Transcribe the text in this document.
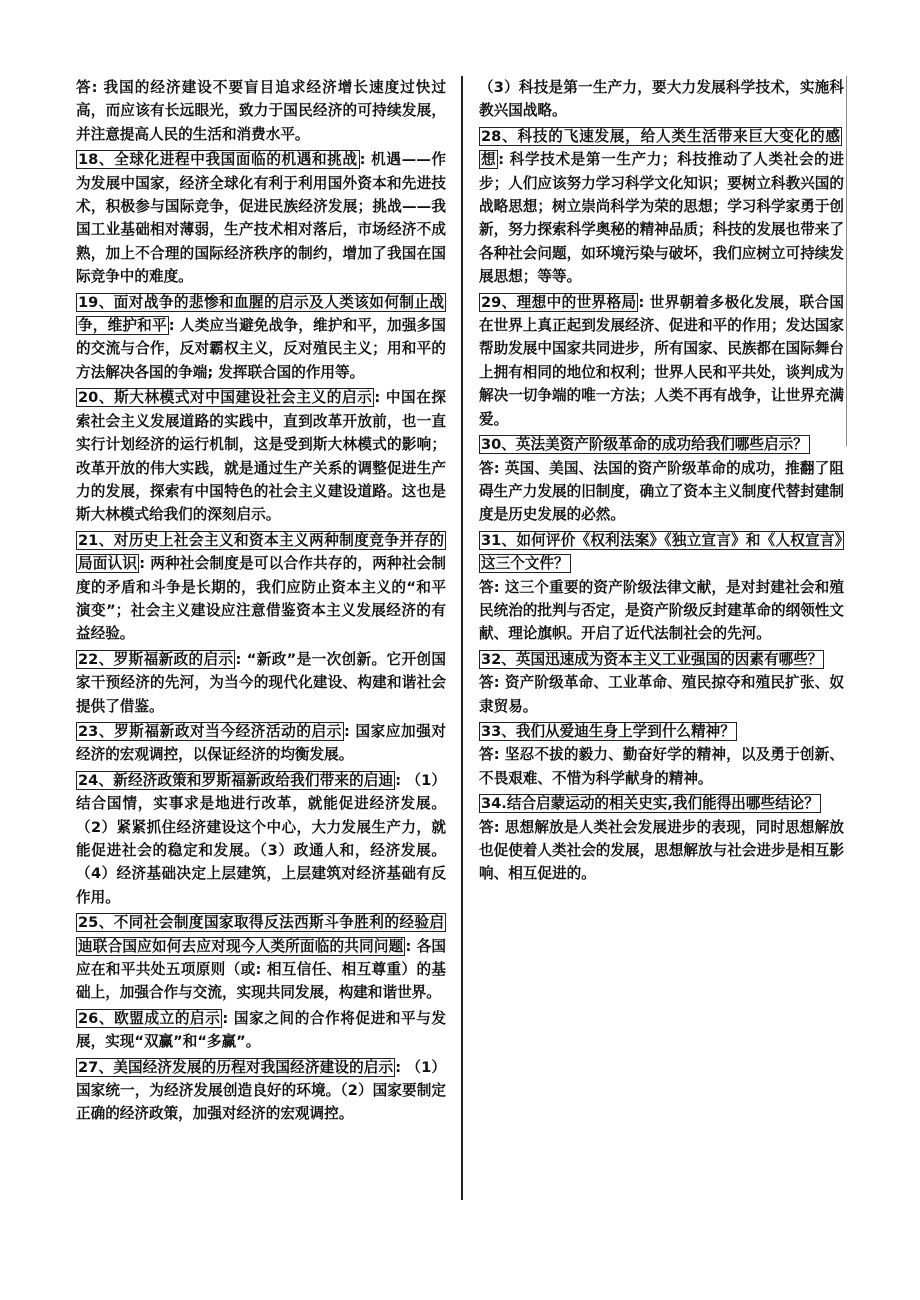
答: 我国的经济建设不要盲目追求经济增长速度过快过高，而应该有长远眼光，致力于国民经济的可持续发展，并注意提高人民的生活和消费水平。
18、全球化进程中我国面临的机遇和挑战 : 机遇——作为发展中国家，经济全球化有利于利用国外资本和先进技术，积极参与国际竞争，促进民族经济发展；挑战——我国工业基础相对薄弱，生产技术相对落后，市场经济不成熟，加上不合理的国际经济秩序的制约，增加了我国在国际竞争中的难度。
19、面对战争的悲惨和血腥的启示及人类该如何制止战争，维护和平 : 人类应当避免战争，维护和平，加强多国的交流与合作，反对霸权主义，反对殖民主义；用和平的方法解决各国的争端; 发挥联合国的作用等。
20、斯大林模式对中国建设社会主义的启示 : 中国在探索社会主义发展道路的实践中，直到改革开放前，也一直实行计划经济的运行机制，这是受到斯大林模式的影响；改革开放的伟大实践，就是通过生产关系的调整促进生产力的发展，探索有中国特色的社会主义建设道路。这也是斯大林模式给我们的深刻启示。
21、对历史上社会主义和资本主义两种制度竞争并存的局面认识 : 两种社会制度是可以合作共存的，两种社会制度的矛盾和斗争是长期的，我们应防止资本主义的“和平演变”；社会主义建设应注意借鉴资本主义发展经济的有益经验。
22、罗斯福新政的启示 : “新政”是一次创新。它开创国家干预经济的先河，为当今的现代化建设、构建和谐社会提供了借鉴。
23、罗斯福新政对当今经济活动的启示 : 国家应加强对经济的宏观调控，以保证经济的均衡发展。
24、新经济政策和罗斯福新政给我们带来的启迪 : （1）结合国情，实事求是地进行改革，就能促进经济发展。（2）紧紧抓住经济建设这个中心，大力发展生产力，就能促进社会的稳定和发展。（3）政通人和，经济发展。（4）经济基础决定上层建筑，上层建筑对经济基础有反作用。
25、不同社会制度国家取得反法西斯斗争胜利的经验启迪联合国应如何去应对现今人类所面临的共同问题 : 各国应在和平共处五项原则（或: 相互信任、相互尊重）的基础上，加强合作与交流，实现共同发展，构建和谐世界。
26、欧盟成立的启示 : 国家之间的合作将促进和平与发展，实现“双赢”和“多赢”。
27、美国经济发展的历程对我国经济建设的启示 : （1）国家统一，为经济发展创造良好的环境。（2）国家要制定正确的经济政策，加强对经济的宏观调控。
（3）科技是第一生产力，要大力发展科学技术，实施科教兴国战略。
28、科技的飞速发展，给人类生活带来巨大变化的感想 : 科学技术是第一生产力；科技推动了人类社会的进步；人们应该努力学习科学文化知识；要树立科教兴国的战略思想；树立崇尚科学为荣的思想；学习科学家勇于创新，努力探索科学奥秘的精神品质；科技的发展也带来了各种社会问题，如环境污染与破坏，我们应树立可持续发展思想；等等。
29、理想中的世界格局 : 世界朝着多极化发展，联合国在世界上真正起到发展经济、促进和平的作用；发达国家帮助发展中国家共同进步，所有国家、民族都在国际舞台上拥有相同的地位和权利；世界人民和平共处，谈判成为解决一切争端的唯一方法；人类不再有战争，让世界充满爱。
30、英法美资产阶级革命的成功给我们哪些启示？
答: 英国、美国、法国的资产阶级革命的成功，推翻了阻碍生产力发展的旧制度，确立了资本主义制度代替封建制度是历史发展的必然。
31、如何评价《权利法案》《独立宣言》和《人权宣言》这三个文件？
答: 这三个重要的资产阶级法律文献，是对封建社会和殖民统治的批判与否定，是资产阶级反封建革命的纲领性文献、理论旗帜。开启了近代法制社会的先河。
32、英国迅速成为资本主义工业强国的因素有哪些？
答: 资产阶级革命、工业革命、殖民掠夺和殖民扩张、奴隶贸易。
33、我们从爱迪生身上学到什么精神？
答: 坚忍不拔的毅力、勤奋好学的精神，以及勇于创新、不畏艰难、不惜为科学献身的精神。
34.结合启蒙运动的相关史实,我们能得出哪些结论？
答: 思想解放是人类社会发展进步的表现，同时思想解放也促使着人类社会的发展，思想解放与社会进步是相互影响、相互促进的。
